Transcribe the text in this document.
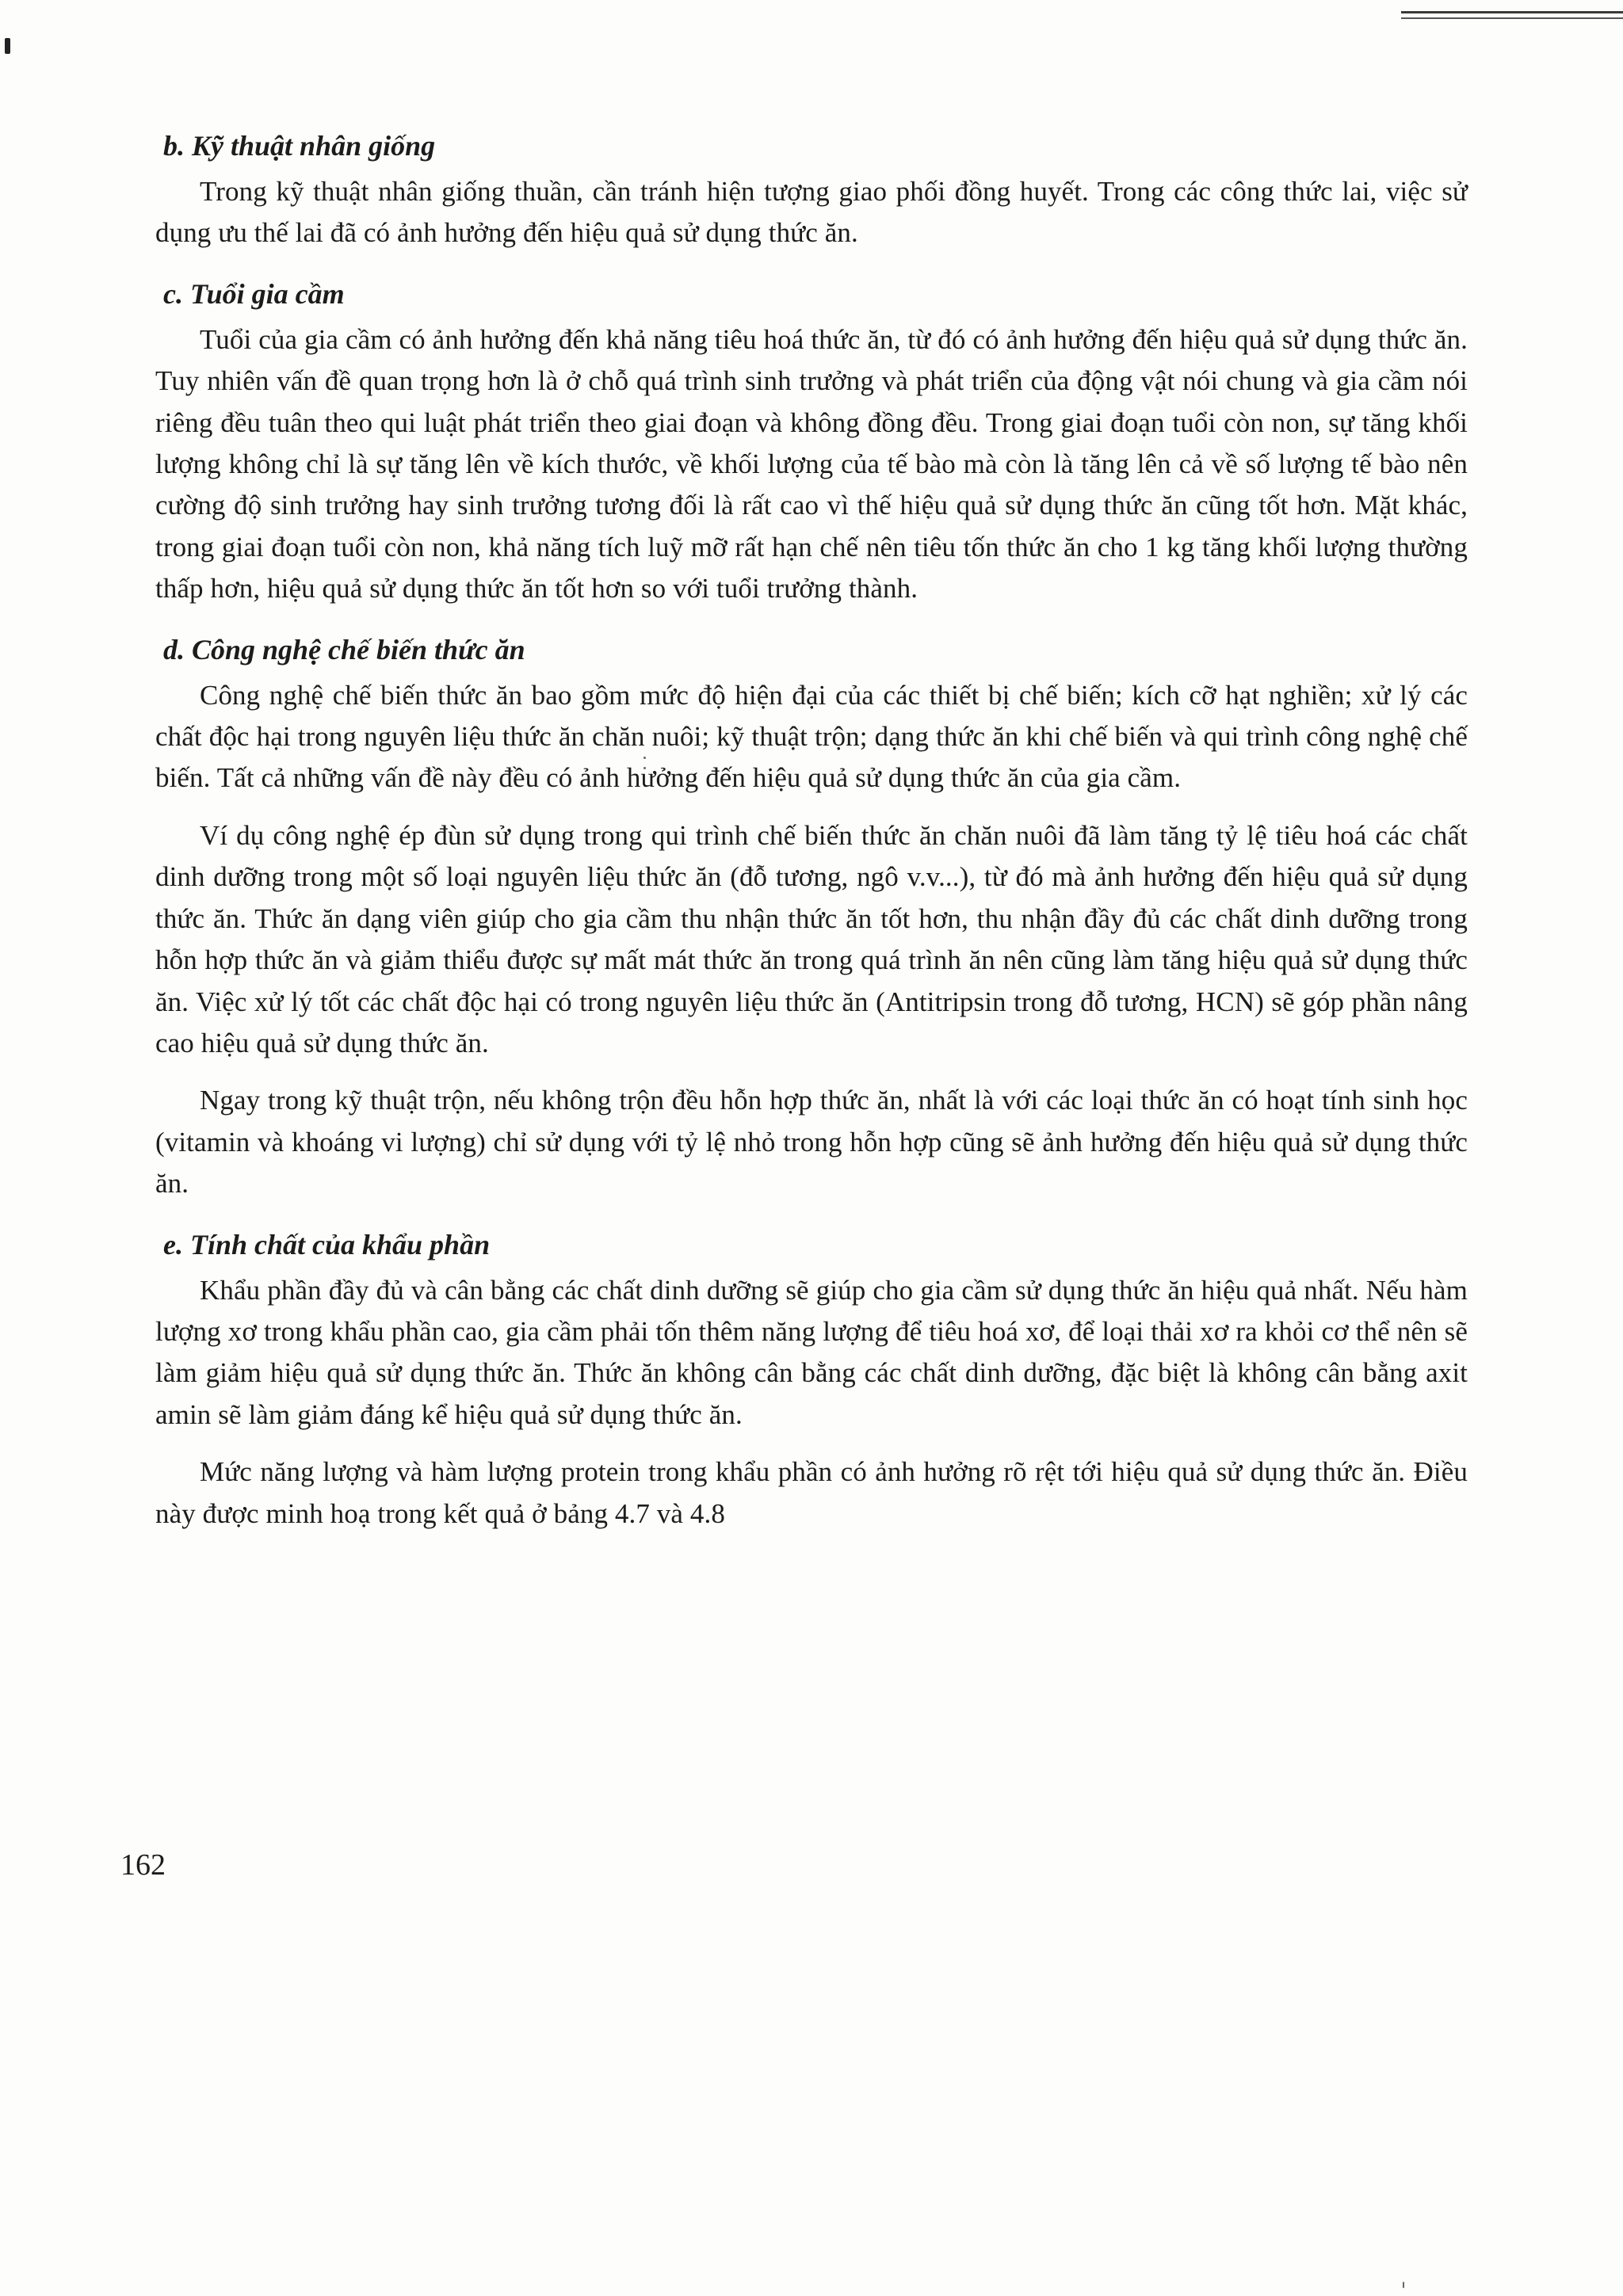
b. Kỹ thuật nhân giống

Trong kỹ thuật nhân giống thuần, cần tránh hiện tượng giao phối đồng huyết. Trong các công thức lai, việc sử dụng ưu thế lai đã có ảnh hưởng đến hiệu quả sử dụng thức ăn.

c. Tuổi gia cầm

Tuổi của gia cầm có ảnh hưởng đến khả năng tiêu hoá thức ăn, từ đó có ảnh hưởng đến hiệu quả sử dụng thức ăn. Tuy nhiên vấn đề quan trọng hơn là ở chỗ quá trình sinh trưởng và phát triển của động vật nói chung và gia cầm nói riêng đều tuân theo qui luật phát triển theo giai đoạn và không đồng đều. Trong giai đoạn tuổi còn non, sự tăng khối lượng không chỉ là sự tăng lên về kích thước, về khối lượng của tế bào mà còn là tăng lên cả về số lượng tế bào nên cường độ sinh trưởng hay sinh trưởng tương đối là rất cao vì thế hiệu quả sử dụng thức ăn cũng tốt hơn. Mặt khác, trong giai đoạn tuổi còn non, khả năng tích luỹ mỡ rất hạn chế nên tiêu tốn thức ăn cho 1 kg tăng khối lượng thường thấp hơn, hiệu quả sử dụng thức ăn tốt hơn so với tuổi trưởng thành.

d. Công nghệ chế biến thức ăn

Công nghệ chế biến thức ăn bao gồm mức độ hiện đại của các thiết bị chế biến; kích cỡ hạt nghiền; xử lý các chất độc hại trong nguyên liệu thức ăn chăn nuôi; kỹ thuật trộn; dạng thức ăn khi chế biến và qui trình công nghệ chế biến. Tất cả những vấn đề này đều có ảnh hưởng đến hiệu quả sử dụng thức ăn của gia cầm.

Ví dụ công nghệ ép đùn sử dụng trong qui trình chế biến thức ăn chăn nuôi đã làm tăng tỷ lệ tiêu hoá các chất dinh dưỡng trong một số loại nguyên liệu thức ăn (đỗ tương, ngô v.v...), từ đó mà ảnh hưởng đến hiệu quả sử dụng thức ăn. Thức ăn dạng viên giúp cho gia cầm thu nhận thức ăn tốt hơn, thu nhận đầy đủ các chất dinh dưỡng trong hỗn hợp thức ăn và giảm thiểu được sự mất mát thức ăn trong quá trình ăn nên cũng làm tăng hiệu quả sử dụng thức ăn. Việc xử lý tốt các chất độc hại có trong nguyên liệu thức ăn (Antitripsin trong đỗ tương, HCN) sẽ góp phần nâng cao hiệu quả sử dụng thức ăn.

Ngay trong kỹ thuật trộn, nếu không trộn đều hỗn hợp thức ăn, nhất là với các loại thức ăn có hoạt tính sinh học (vitamin và khoáng vi lượng) chỉ sử dụng với tỷ lệ nhỏ trong hỗn hợp cũng sẽ ảnh hưởng đến hiệu quả sử dụng thức ăn.

e. Tính chất của khẩu phần

Khẩu phần đầy đủ và cân bằng các chất dinh dưỡng sẽ giúp cho gia cầm sử dụng thức ăn hiệu quả nhất. Nếu hàm lượng xơ trong khẩu phần cao, gia cầm phải tốn thêm năng lượng để tiêu hoá xơ, để loại thải xơ ra khỏi cơ thể nên sẽ làm giảm hiệu quả sử dụng thức ăn. Thức ăn không cân bằng các chất dinh dưỡng, đặc biệt là không cân bằng axit amin sẽ làm giảm đáng kể hiệu quả sử dụng thức ăn.

Mức năng lượng và hàm lượng protein trong khẩu phần có ảnh hưởng rõ rệt tới hiệu quả sử dụng thức ăn. Điều này được minh hoạ trong kết quả ở bảng 4.7 và 4.8

162
